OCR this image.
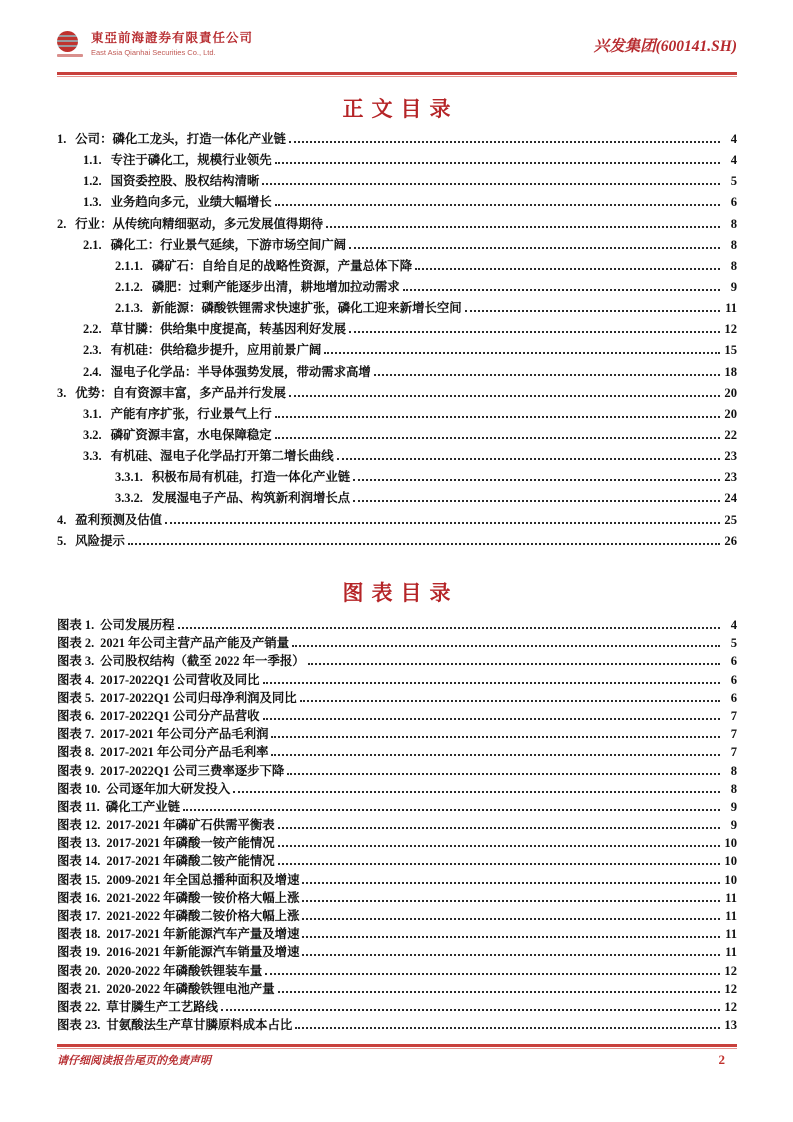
東亞前海證券有限責任公司
East Asia Qianhai Securities Co., Ltd.	兴发集团(600141.SH)
正文目录
1. 公司：磷化工龙头，打造一体化产业链	4
1.1. 专注于磷化工，规模行业领先	4
1.2. 国资委控股、股权结构清晰	5
1.3. 业务趋向多元，业绩大幅增长	6
2. 行业：从传统向精细驱动，多元发展值得期待	8
2.1. 磷化工：行业景气延续，下游市场空间广阔	8
2.1.1. 磷矿石：自给自足的战略性资源，产量总体下降	8
2.1.2. 磷肥：过剩产能逐步出清，耕地增加拉动需求	9
2.1.3. 新能源：磷酸铁锂需求快速扩张，磷化工迎来新增长空间	11
2.2. 草甘膦：供给集中度提高，转基因利好发展	12
2.3. 有机硅：供给稳步提升，应用前景广阔	15
2.4. 湿电子化学品：半导体强势发展，带动需求高增	18
3. 优势：自有资源丰富，多产品并行发展	20
3.1. 产能有序扩张，行业景气上行	20
3.2. 磷矿资源丰富，水电保障稳定	22
3.3. 有机硅、湿电子化学品打开第二增长曲线	23
3.3.1. 积极布局有机硅，打造一体化产业链	23
3.3.2. 发展湿电子产品、构筑新利润增长点	24
4. 盈利预测及估值	25
5. 风险提示	26
图表目录
图表 1. 公司发展历程	4
图表 2. 2021 年公司主营产品产能及产销量	5
图表 3. 公司股权结构（截至 2022 年一季报）	6
图表 4. 2017-2022Q1 公司营收及同比	6
图表 5. 2017-2022Q1 公司归母净利润及同比	6
图表 6. 2017-2022Q1 公司分产品营收	7
图表 7. 2017-2021 年公司分产品毛利润	7
图表 8. 2017-2021 年公司分产品毛利率	7
图表 9. 2017-2022Q1 公司三费率逐步下降	8
图表 10. 公司逐年加大研发投入	8
图表 11. 磷化工产业链	9
图表 12. 2017-2021 年磷矿石供需平衡表	9
图表 13. 2017-2021 年磷酸一铵产能情况	10
图表 14. 2017-2021 年磷酸二铵产能情况	10
图表 15. 2009-2021 年全国总播种面积及增速	10
图表 16. 2021-2022 年磷酸一铵价格大幅上涨	11
图表 17. 2021-2022 年磷酸二铵价格大幅上涨	11
图表 18. 2017-2021 年新能源汽车产量及增速	11
图表 19. 2016-2021 年新能源汽车销量及增速	11
图表 20. 2020-2022 年磷酸铁锂装车量	12
图表 21. 2020-2022 年磷酸铁锂电池产量	12
图表 22. 草甘膦生产工艺路线	12
图表 23. 甘氨酸法生产草甘膦原料成本占比	13
请仔细阅读报告尾页的免责声明	2
